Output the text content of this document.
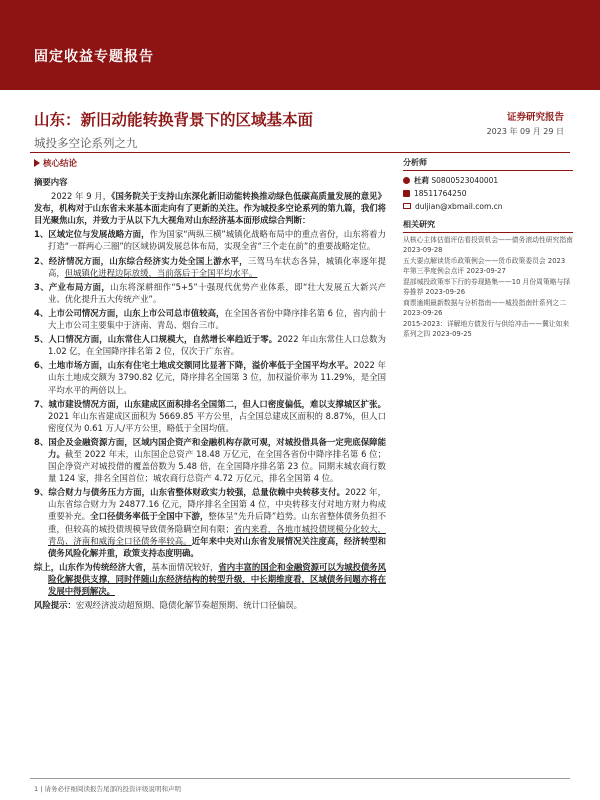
固定收益专题报告
山东：新旧动能转换背景下的区域基本面	证券研究报告
2023 年 09 月 29 日
城投多空论系列之九
核心结论

摘要内容

2022 年 9 月，《国务院关于支持山东深化新旧动能转换推动绿色低碳高质量发展的意见》发布，机构对于山东省未来基本面走向有了更新的关注。作为城投多空论系列的第九篇，我们将目光聚焦山东，并致力于从以下九大视角对山东经济基本面形成综合判断：

1、区域定位与发展战略方面，作为国家“两纵三横”城镇化战略布局中的重点省份，山东将着力打造“一群两心三圈”的区域协调发展总体布局，实现全省“三个走在前”的重要战略定位。

2、经济情况方面，山东综合经济实力处全国上游水平，三驾马车状态各异，城镇化率逐年提高，但城镇化进程边际放缓，当前落后于全国平均水平。

3、产业布局方面，山东将深耕细作“5+5”十强现代优势产业体系，即“壮大发展五大新兴产业、优化提升五大传统产业”。

4、上市公司情况方面，山东上市公司总市值较高，在全国各省份中降序排名第 6 位，省内前十大上市公司主要集中于济南、青岛、烟台三市。

5、人口情况方面，山东常住人口规模大，自然增长率趋近于零。2022 年山东常住人口总数为 1.02 亿，在全国降序排名第 2 位，仅次于广东省。

6、土地市场方面，山东有住宅土地成交额同比显著下降，溢价率低于全国平均水平。2022 年山东土地成交额为 3790.82 亿元，降序排名全国第 3 位，加权溢价率为 11.29%，是全国平均水平的两倍以上。

7、城市建设情况方面，山东建成区面积排名全国第二，但人口密度偏低，难以支撑城区扩张。2021 年山东省建成区面积为 5669.85 平方公里，占全国总建成区面积的 8.87%，但人口密度仅为 0.61 万人/平方公里，略低于全国均值。

8、国企及金融资源方面，区域内国企资产和金融机构存款可观，对城投借具备一定兜底保障能力。截至 2022 年末，山东国企总资产 18.48 万亿元，在全国各省份中降序排名第 6 位；国企净资产对城投借的覆盖倍数为 5.48 倍，在全国降序排名第 23 位。同期末城农商行数量 124 家，排名全国首位；城农商行总资产 4.72 万亿元，排名全国第 4 位。

9、综合财力与债务压力方面，山东省整体财政实力较强，总量依赖中央转移支付。2022 年，山东省综合财力为 24877.16 亿元，降序排名全国第 4 位，中央转移支付对地方财力构成重要补充。全口径债务率低于全国中下游，整体呈“先升后降”趋势。山东省整体债务负担不重，但较高的城投债规模导致债务隐瞒空间有限；省内来看，各地市城投债规模分化较大，青岛、济南和威海全口径债务率较高。近年来中央对山东省发展情况关注度高，经济转型和债务风险化解并重，政策支持态度明确。

综上，山东作为传统经济大省，基本面情况较好，省内丰富的国企和金融资源可以为城投债务风险化解提供支撑，同时伴随山东经济结构的转型升级，中长期维度看，区域债务问题亦将在发展中得到解决。

风险提示：宏观经济波动超预期、隐债化解节奏超预期、统计口径偏误。

分析师
杜莉 S0800523040001
18511764250
duljian@xbmail.com.cn
相关研究
从核心主体估值评估看投资机会——债务滚动性研究指南 2023-09-28
五大要点解读货币政策例会——货币政策委员会 2023 年第三季度例会点评 2023-09-27
混部城投政策率下行的券现路集——10 月份周策略与择券推荐 2023-09-26
商票逾期最新数据与分析指南——城投指南针系列之二 2023-09-26
2015-2023：详解地方债发行与供给冲击——冀让如来系列之四 2023-09-25
1 | 请务必仔细阅读报告尾部的投资评级说明和声明
